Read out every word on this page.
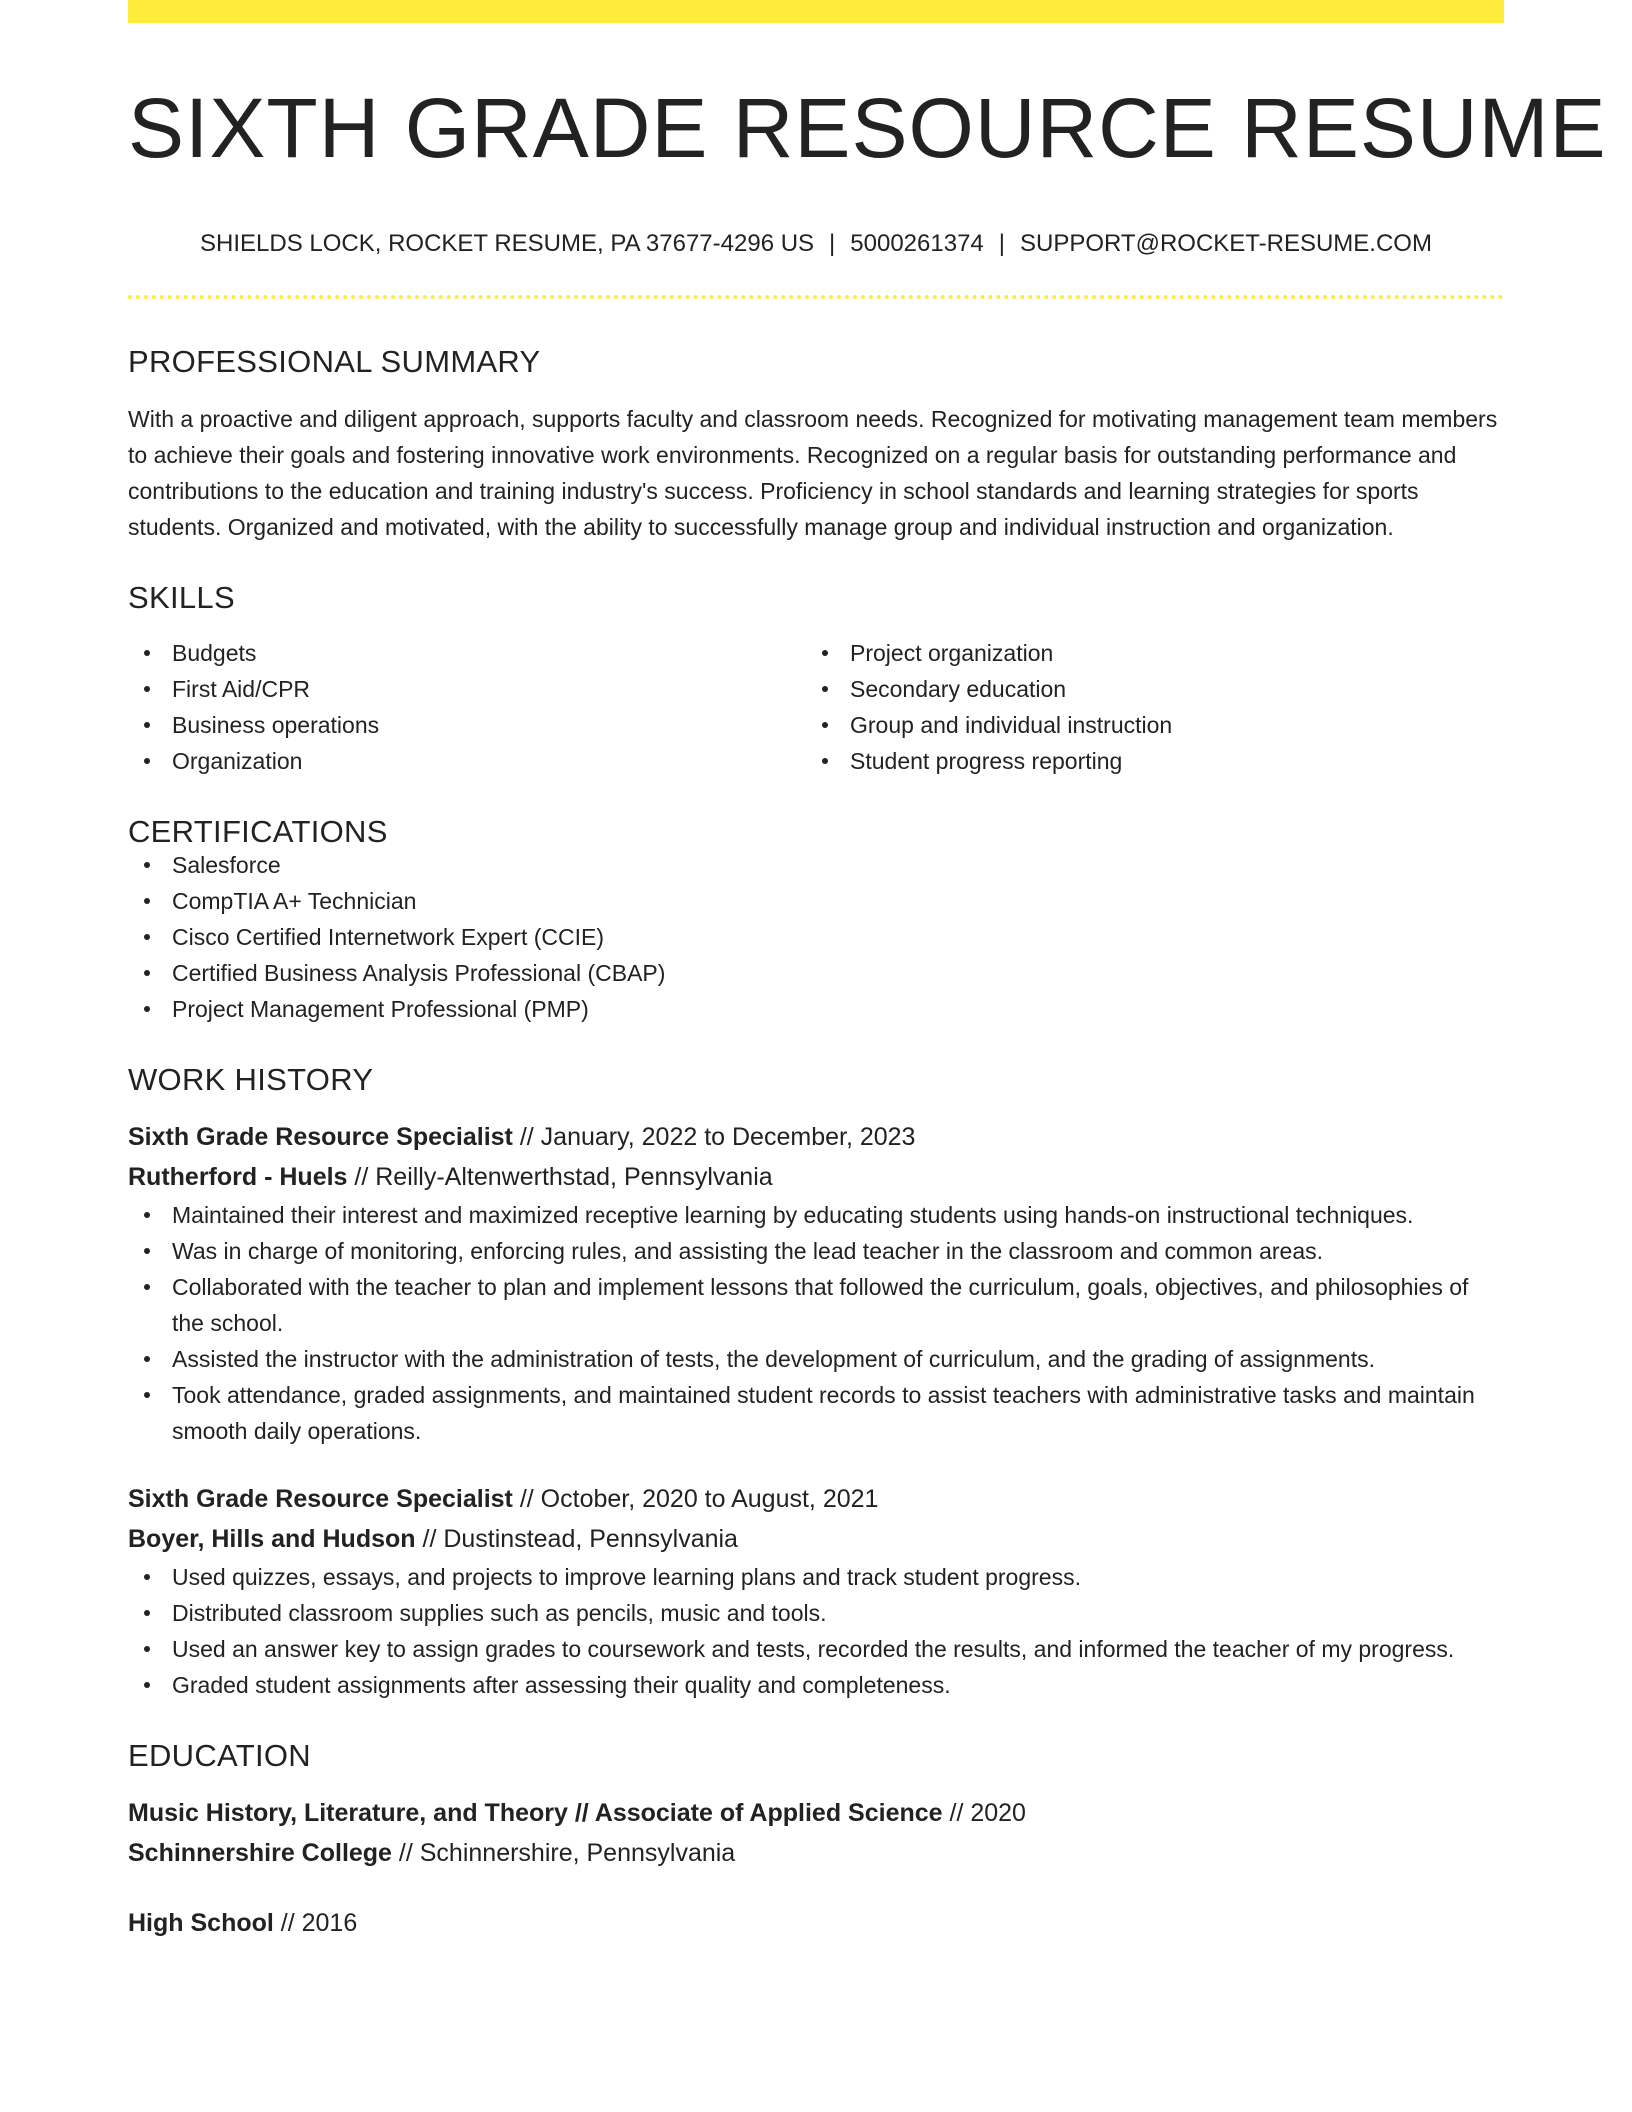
SIXTH GRADE RESOURCE RESUME
SHIELDS LOCK, ROCKET RESUME, PA 37677-4296 US | 5000261374 | SUPPORT@ROCKET-RESUME.COM
PROFESSIONAL SUMMARY
With a proactive and diligent approach, supports faculty and classroom needs. Recognized for motivating management team members to achieve their goals and fostering innovative work environments. Recognized on a regular basis for outstanding performance and contributions to the education and training industry's success. Proficiency in school standards and learning strategies for sports students. Organized and motivated, with the ability to successfully manage group and individual instruction and organization.
SKILLS
Budgets
First Aid/CPR
Business operations
Organization
Project organization
Secondary education
Group and individual instruction
Student progress reporting
CERTIFICATIONS
Salesforce
CompTIA A+ Technician
Cisco Certified Internetwork Expert (CCIE)
Certified Business Analysis Professional (CBAP)
Project Management Professional (PMP)
WORK HISTORY
Sixth Grade Resource Specialist // January, 2022 to December, 2023
Rutherford - Huels // Reilly-Altenwerthstad, Pennsylvania
Maintained their interest and maximized receptive learning by educating students using hands-on instructional techniques.
Was in charge of monitoring, enforcing rules, and assisting the lead teacher in the classroom and common areas.
Collaborated with the teacher to plan and implement lessons that followed the curriculum, goals, objectives, and philosophies of the school.
Assisted the instructor with the administration of tests, the development of curriculum, and the grading of assignments.
Took attendance, graded assignments, and maintained student records to assist teachers with administrative tasks and maintain smooth daily operations.
Sixth Grade Resource Specialist // October, 2020 to August, 2021
Boyer, Hills and Hudson // Dustinstead, Pennsylvania
Used quizzes, essays, and projects to improve learning plans and track student progress.
Distributed classroom supplies such as pencils, music and tools.
Used an answer key to assign grades to coursework and tests, recorded the results, and informed the teacher of my progress.
Graded student assignments after assessing their quality and completeness.
EDUCATION
Music History, Literature, and Theory // Associate of Applied Science // 2020
Schinnershire College // Schinnershire, Pennsylvania
High School // 2016
